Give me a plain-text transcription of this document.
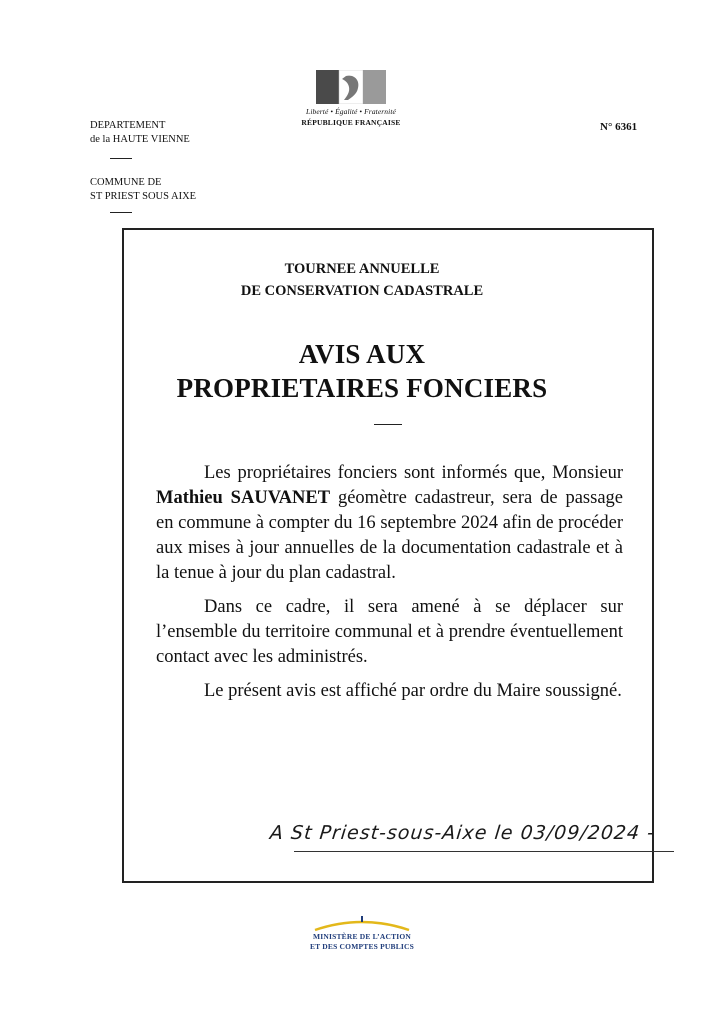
Liberté • Égalité • Fraternité
RÉPUBLIQUE FRANÇAISE
DEPARTEMENT
de la HAUTE VIENNE
COMMUNE DE
ST PRIEST SOUS AIXE
N° 6361
TOURNEE ANNUELLE
DE CONSERVATION CADASTRALE
AVIS AUX
PROPRIETAIRES FONCIERS

Les propriétaires fonciers sont informés que, Monsieur Mathieu SAUVANET géomètre cadastreur, sera de passage en commune à compter du 16 septembre 2024 afin de procéder aux mises à jour annuelles de la documentation cadastrale et à la tenue à jour du plan cadastral.

Dans ce cadre, il sera amené à se déplacer sur l’ensemble du territoire communal et à prendre éventuellement contact avec les administrés.

Le présent avis est affiché par ordre du Maire soussigné.

A St Priest-sous-Aixe le 03/09/2024 -
MINISTÈRE DE L’ACTION
ET DES COMPTES PUBLICS
